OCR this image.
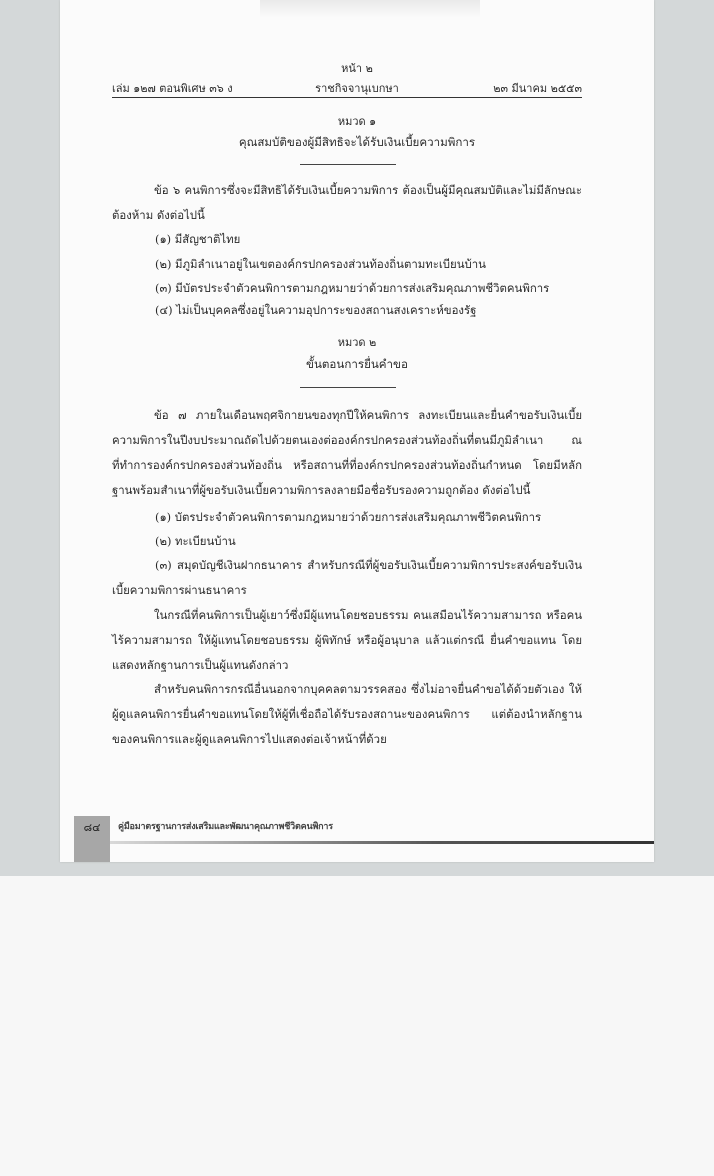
หน้า ๒
เล่ม ๑๒๗ ตอนพิเศษ ๓๖ ง	ราชกิจจานุเบกษา	๒๓ มีนาคม ๒๕๕๓
หมวด ๑
คุณสมบัติของผู้มีสิทธิจะได้รับเงินเบี้ยความพิการ
ข้อ ๖ คนพิการซึ่งจะมีสิทธิได้รับเงินเบี้ยความพิการ ต้องเป็นผู้มีคุณสมบัติและไม่มีลักษณะต้องห้าม ดังต่อไปนี้
(๑) มีสัญชาติไทย
(๒) มีภูมิลำเนาอยู่ในเขตองค์กรปกครองส่วนท้องถิ่นตามทะเบียนบ้าน
(๓) มีบัตรประจำตัวคนพิการตามกฎหมายว่าด้วยการส่งเสริมคุณภาพชีวิตคนพิการ
(๔) ไม่เป็นบุคคลซึ่งอยู่ในความอุปการะของสถานสงเคราะห์ของรัฐ
หมวด ๒
ขั้นตอนการยื่นคำขอ
ข้อ ๗ ภายในเดือนพฤศจิกายนของทุกปีให้คนพิการ ลงทะเบียนและยื่นคำขอรับเงินเบี้ยความพิการในปีงบประมาณถัดไปด้วยตนเองต่อองค์กรปกครองส่วนท้องถิ่นที่ตนมีภูมิลำเนา ณ ที่ทำการองค์กรปกครองส่วนท้องถิ่น หรือสถานที่ที่องค์กรปกครองส่วนท้องถิ่นกำหนด โดยมีหลักฐานพร้อมสำเนาที่ผู้ขอรับเงินเบี้ยความพิการลงลายมือชื่อรับรองความถูกต้อง ดังต่อไปนี้
(๑) บัตรประจำตัวคนพิการตามกฎหมายว่าด้วยการส่งเสริมคุณภาพชีวิตคนพิการ
(๒) ทะเบียนบ้าน
(๓) สมุดบัญชีเงินฝากธนาคาร สำหรับกรณีที่ผู้ขอรับเงินเบี้ยความพิการประสงค์ขอรับเงินเบี้ยความพิการผ่านธนาคาร
ในกรณีที่คนพิการเป็นผู้เยาว์ซึ่งมีผู้แทนโดยชอบธรรม คนเสมือนไร้ความสามารถ หรือคนไร้ความสามารถ ให้ผู้แทนโดยชอบธรรม ผู้พิทักษ์ หรือผู้อนุบาล แล้วแต่กรณี ยื่นคำขอแทน โดยแสดงหลักฐานการเป็นผู้แทนดังกล่าว
สำหรับคนพิการกรณีอื่นนอกจากบุคคลตามวรรคสอง ซึ่งไม่อาจยื่นคำขอได้ด้วยตัวเอง ให้ผู้ดูแลคนพิการยื่นคำขอแทนโดยให้ผู้ที่เชื่อถือได้รับรองสถานะของคนพิการ แต่ต้องนำหลักฐานของคนพิการและผู้ดูแลคนพิการไปแสดงต่อเจ้าหน้าที่ด้วย
๘๔	คู่มือมาตรฐานการส่งเสริมและพัฒนาคุณภาพชีวิตคนพิการ
